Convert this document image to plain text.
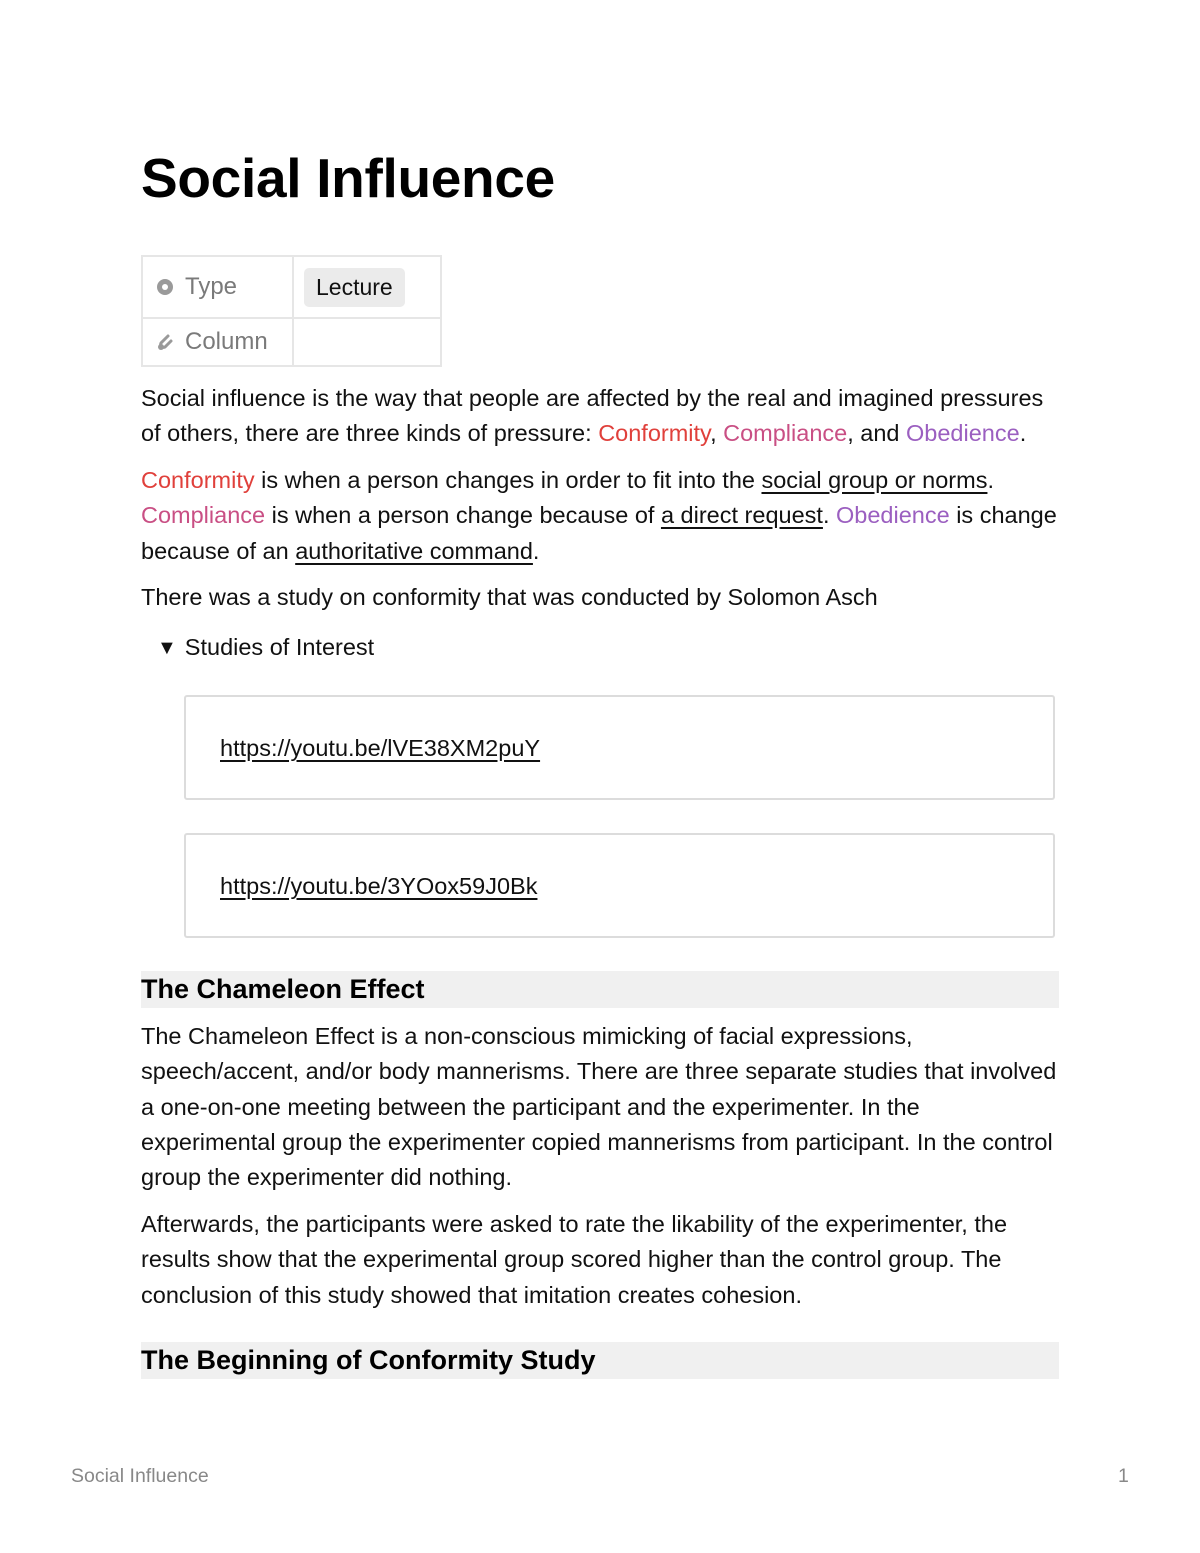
Social Influence
Type	Lecture

Column	

Social influence is the way that people are affected by the real and imagined pressures of others, there are three kinds of pressure: Conformity, Compliance, and Obedience.

Conformity is when a person changes in order to fit into the social group or norms. Compliance is when a person change because of a direct request. Obedience is change because of an authoritative command.

There was a study on conformity that was conducted by Solomon Asch

▼ Studies of Interest
https://youtu.be/lVE38XM2puY
https://youtu.be/3YOox59J0Bk
The Chameleon Effect

The Chameleon Effect is a non-conscious mimicking of facial expressions, speech/accent, and/or body mannerisms. There are three separate studies that involved a one-on-one meeting between the participant and the experimenter. In the experimental group the experimenter copied mannerisms from participant. In the control group the experimenter did nothing.

Afterwards, the participants were asked to rate the likability of the experimenter, the results show that the experimental group scored higher than the control group. The conclusion of this study showed that imitation creates cohesion.

The Beginning of Conformity Study
Social Influence	1
